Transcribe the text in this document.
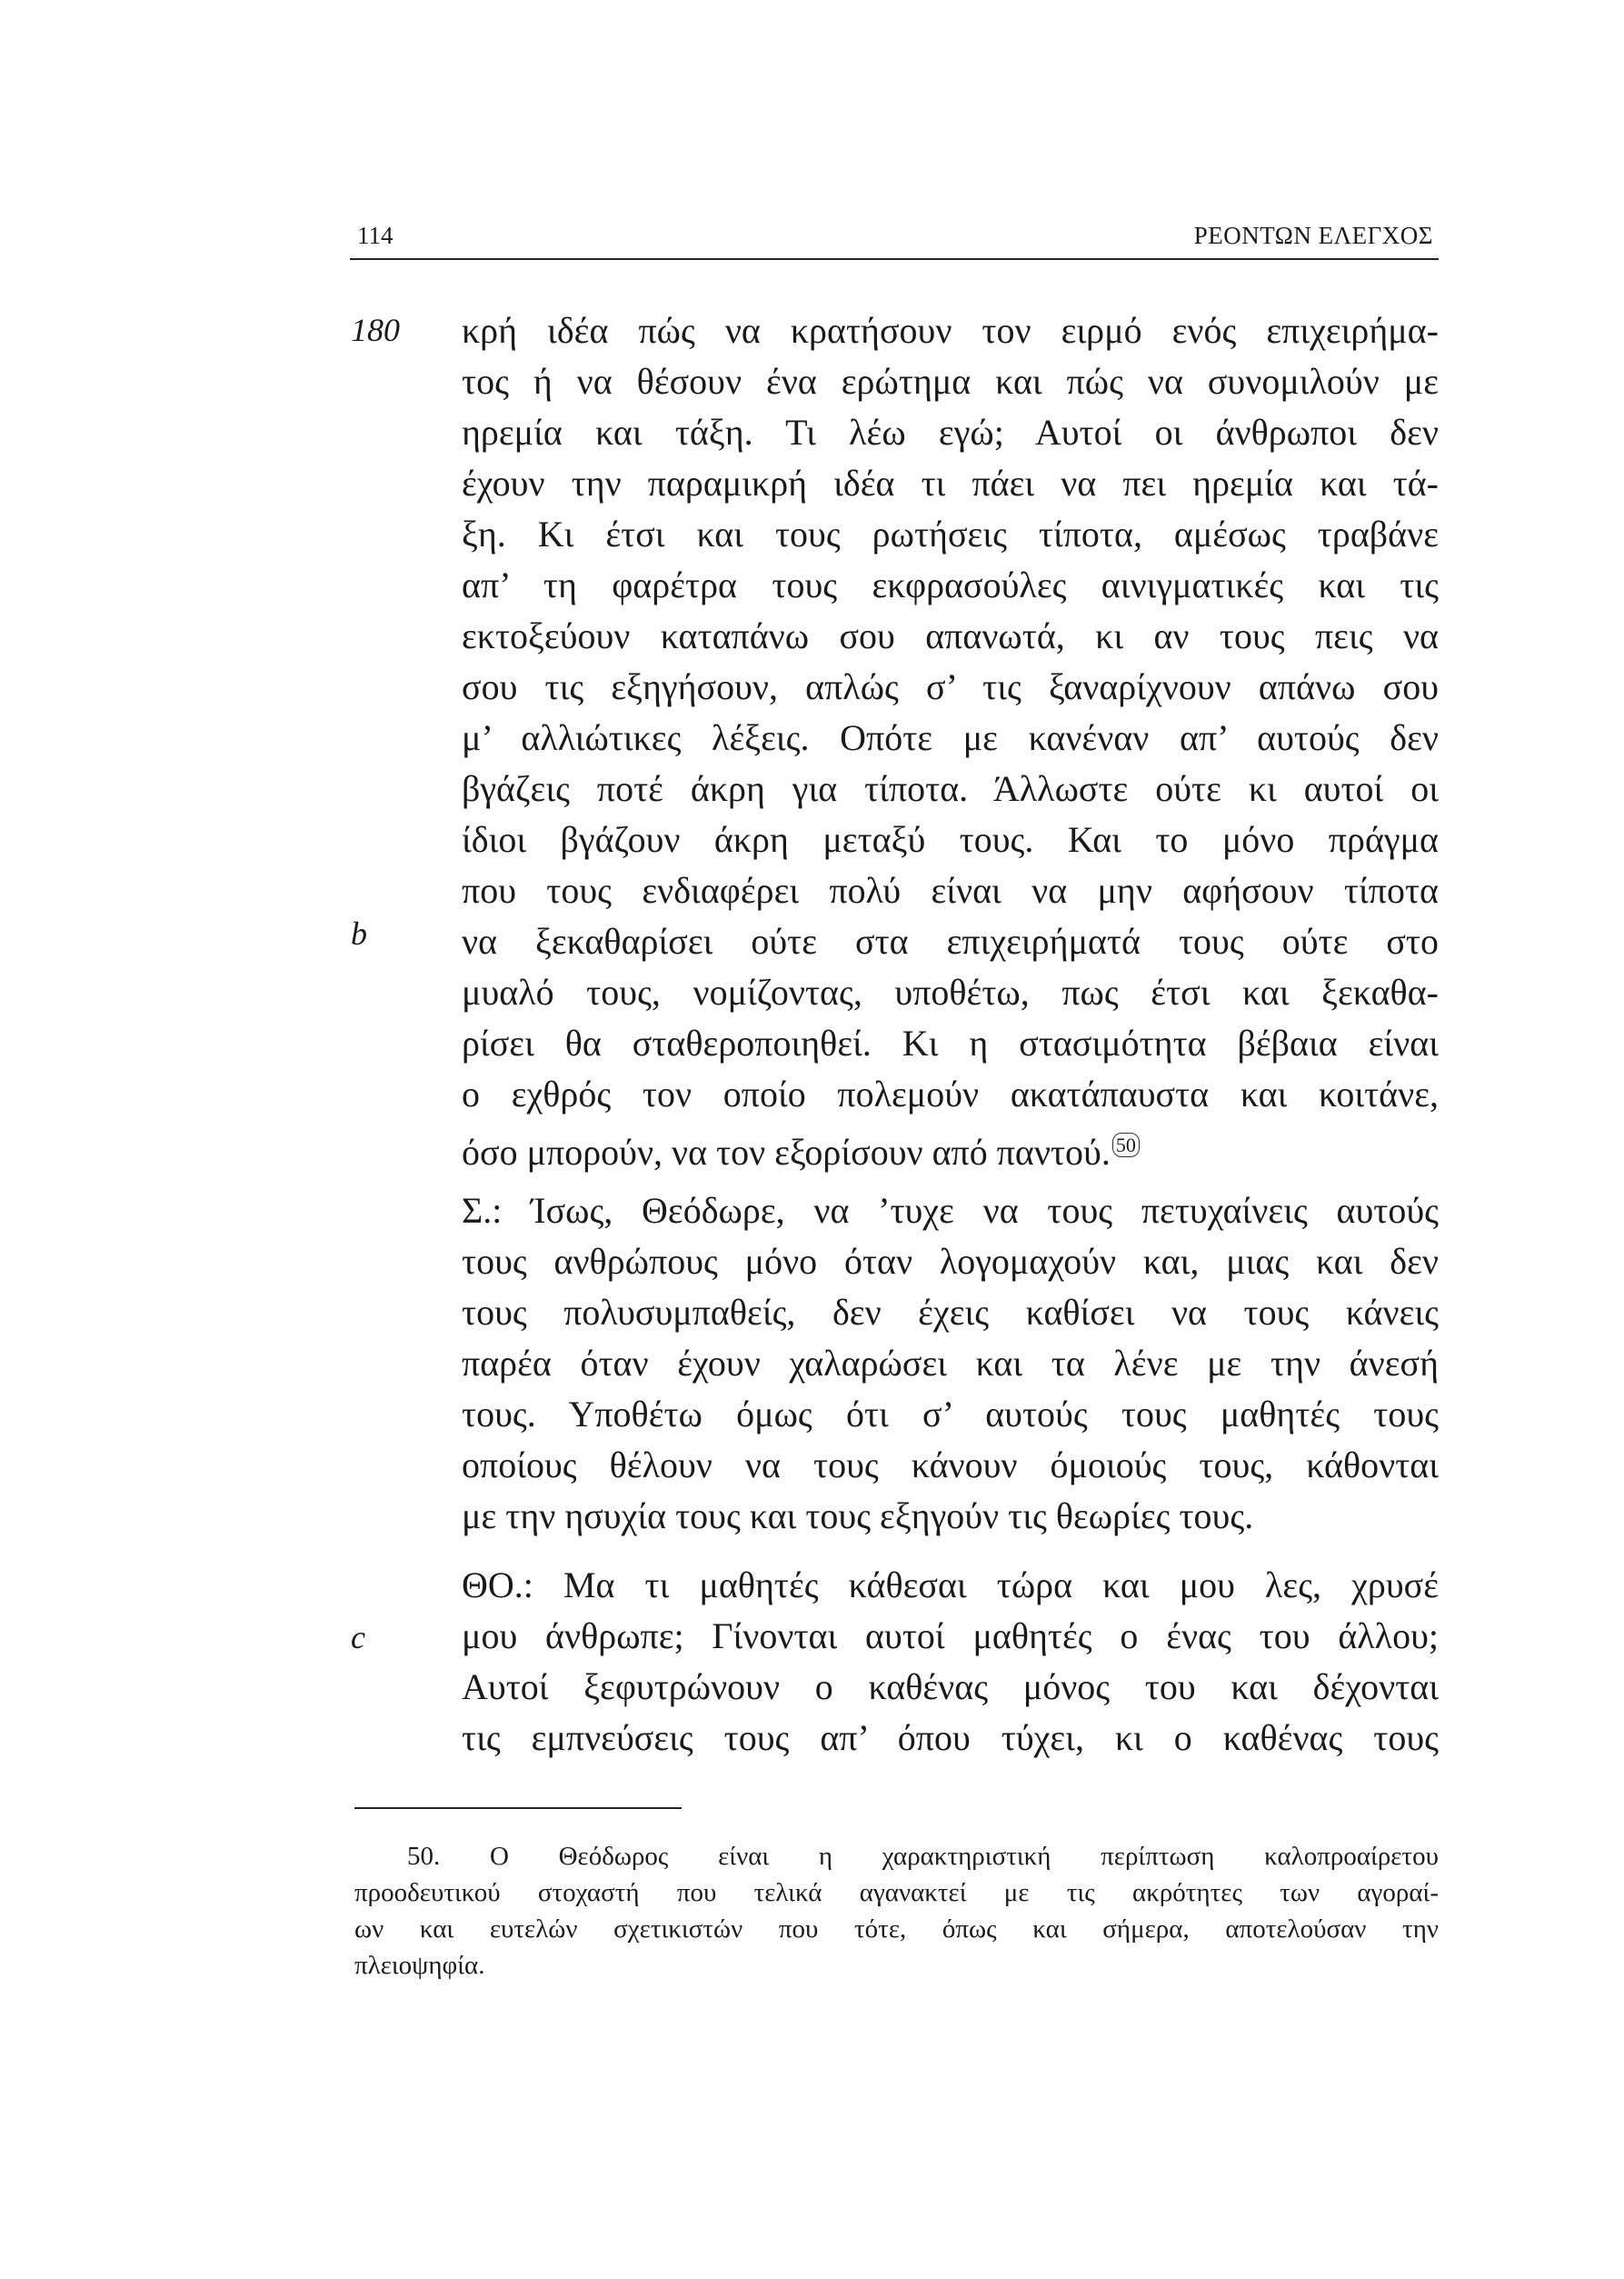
114	ΡΕΟΝΤΩΝ ΕΛΕΓΧΟΣ
180
b
c
κρή ιδέα πώς να κρατήσουν τον ειρμό ενός επιχειρήμα-
τος ή να θέσουν ένα ερώτημα και πώς να συνομιλούν με
ηρεμία και τάξη. Τι λέω εγώ; Αυτοί οι άνθρωποι δεν
έχουν την παραμικρή ιδέα τι πάει να πει ηρεμία και τά-
ξη. Κι έτσι και τους ρωτήσεις τίποτα, αμέσως τραβάνε
απ’ τη φαρέτρα τους εκφρασούλες αινιγματικές και τις
εκτοξεύουν καταπάνω σου απανωτά, κι αν τους πεις να
σου τις εξηγήσουν, απλώς σ’ τις ξαναρίχνουν απάνω σου
μ’ αλλιώτικες λέξεις. Οπότε με κανέναν απ’ αυτούς δεν
βγάζεις ποτέ άκρη για τίποτα. Άλλωστε ούτε κι αυτοί οι
ίδιοι βγάζουν άκρη μεταξύ τους. Και το μόνο πράγμα
που τους ενδιαφέρει πολύ είναι να μην αφήσουν τίποτα
να ξεκαθαρίσει ούτε στα επιχειρήματά τους ούτε στο
μυαλό τους, νομίζοντας, υποθέτω, πως έτσι και ξεκαθα-
ρίσει θα σταθεροποιηθεί. Κι η στασιμότητα βέβαια είναι
ο εχθρός τον οποίο πολεμούν ακατάπαυστα και κοιτάνε,
όσο μπορούν, να τον εξορίσουν από παντού. $^{50}$
Σ.: Ίσως, Θεόδωρε, να ’τυχε να τους πετυχαίνεις αυτούς
τους ανθρώπους μόνο όταν λογομαχούν και, μιας και δεν
τους πολυσυμπαθείς, δεν έχεις καθίσει να τους κάνεις
παρέα όταν έχουν χαλαρώσει και τα λένε με την άνεσή
τους. Υποθέτω όμως ότι σ’ αυτούς τους μαθητές τους
οποίους θέλουν να τους κάνουν όμοιούς τους, κάθονται
με την ησυχία τους και τους εξηγούν τις θεωρίες τους.
ΘΟ.: Μα τι μαθητές κάθεσαι τώρα και μου λες, χρυσέ
μου άνθρωπε; Γίνονται αυτοί μαθητές ο ένας του άλλου;
Αυτοί ξεφυτρώνουν ο καθένας μόνος του και δέχονται
τις εμπνεύσεις τους απ’ όπου τύχει, κι ο καθένας τους
50. Ο Θεόδωρος είναι η χαρακτηριστική περίπτωση καλοπροαίρετου
προοδευτικού στοχαστή που τελικά αγανακτεί με τις ακρότητες των αγοραί-
ων και ευτελών σχετικιστών που τότε, όπως και σήμερα, αποτελούσαν την
πλειοψηφία.
